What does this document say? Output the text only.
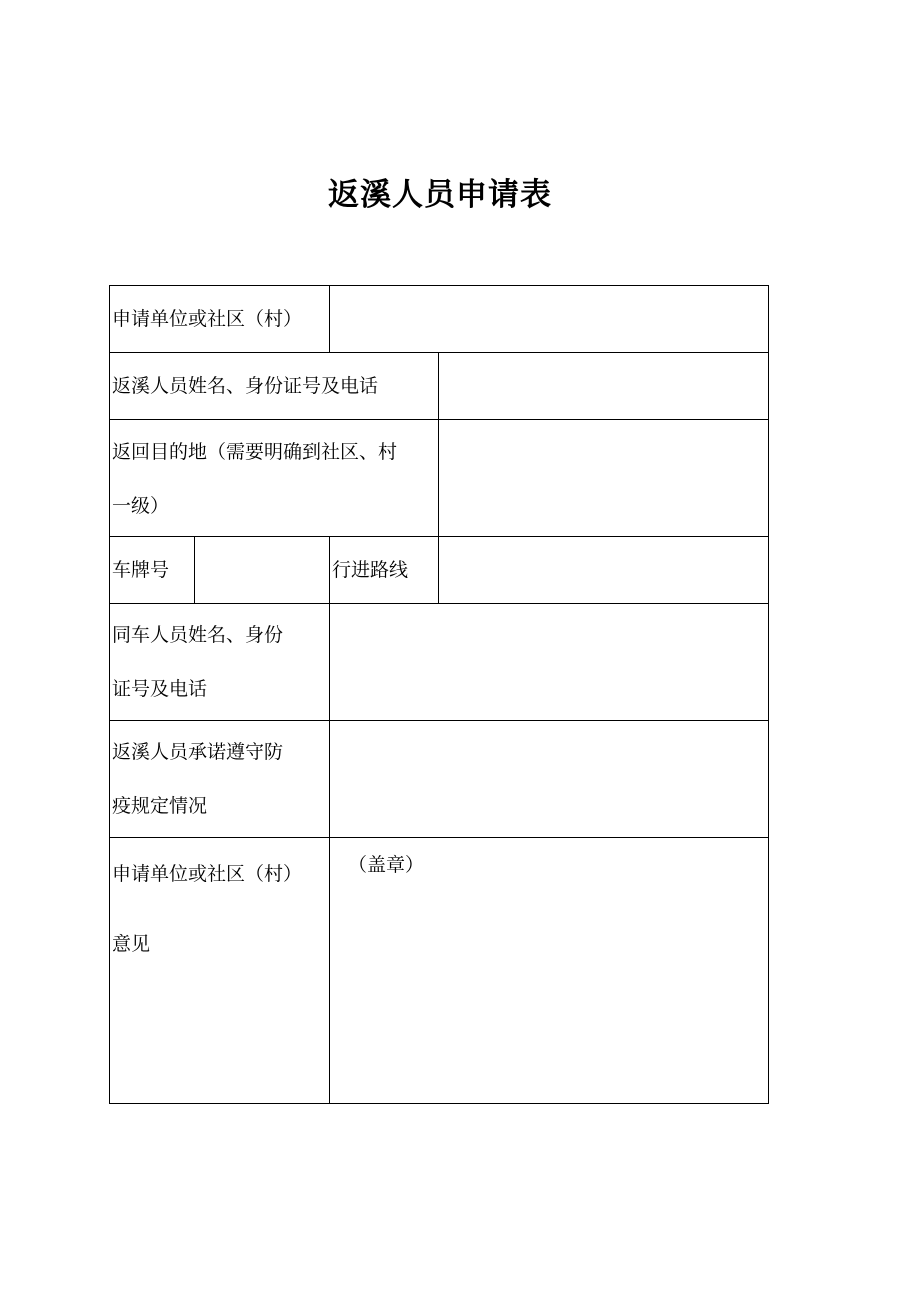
返溪人员申请表
申请单位或社区（村）
返溪人员姓名、身份证号及电话
返回目的地（需要明确到社区、村
一级）
车牌号	行进路线
同车人员姓名、身份
证号及电话
返溪人员承诺遵守防
疫规定情况
申请单位或社区（村）
意见
（盖章）
